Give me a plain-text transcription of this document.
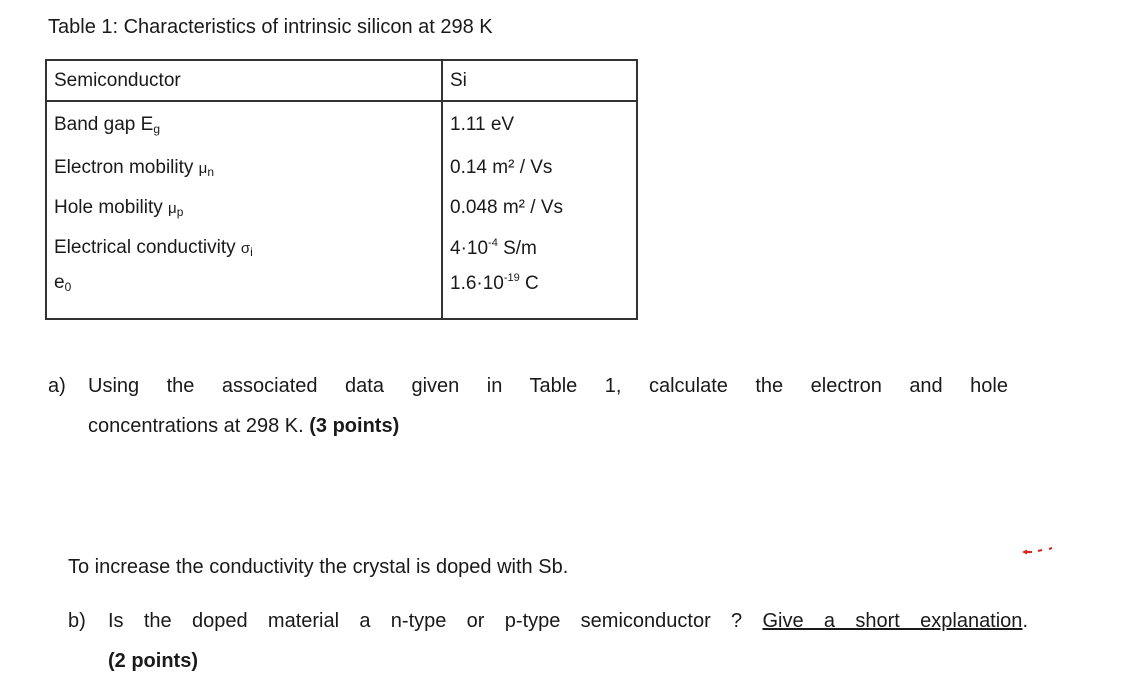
Table 1: Characteristics of intrinsic silicon at 298 K
Semiconductor	Si
Band gap $E_g$	1.11 eV
Electron mobility $\mu_n$	0.14 m² / Vs
Hole mobility $\mu_p$	0.048 m² / Vs
Electrical conductivity $\sigma_i$	$4\cdot 10^{-4}$ S/m
$e_0$	$1.6\cdot 10^{-19}$ C
a)	Using the associated data given in Table 1, calculate the electron and hole
concentrations at 298 K. (3 points)
To increase the conductivity the crystal is doped with Sb.
b)	Is the doped material a n-type or p-type semiconductor ? Give a short explanation.
(2 points)
